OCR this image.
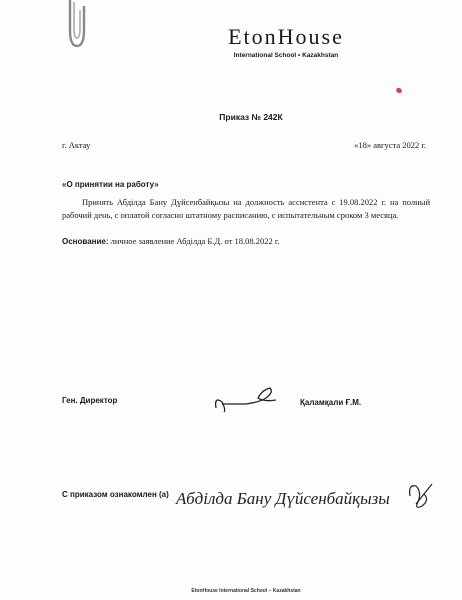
EtonHouse
International School • Kazakhstan
Приказ № 242К
г. Актау	«18» августа 2022 г.
«О принятии на работу»
Принять Абділда Бану Дүйсенбайқызы на должность ассистента с 19.08.2022 г. на полный рабочий день, с оплатой согласно штатному расписанию, с испытательным сроком 3 месяца.
Основание: личное заявление Абділда Б.Д. от 18.08.2022 г.
Ген. Директор	Қаламқали Ғ.М.
С приказом ознакомлен (а) Абділда Бану Дүйсенбайқызы
EtonHouse International School – Kazakhstan
